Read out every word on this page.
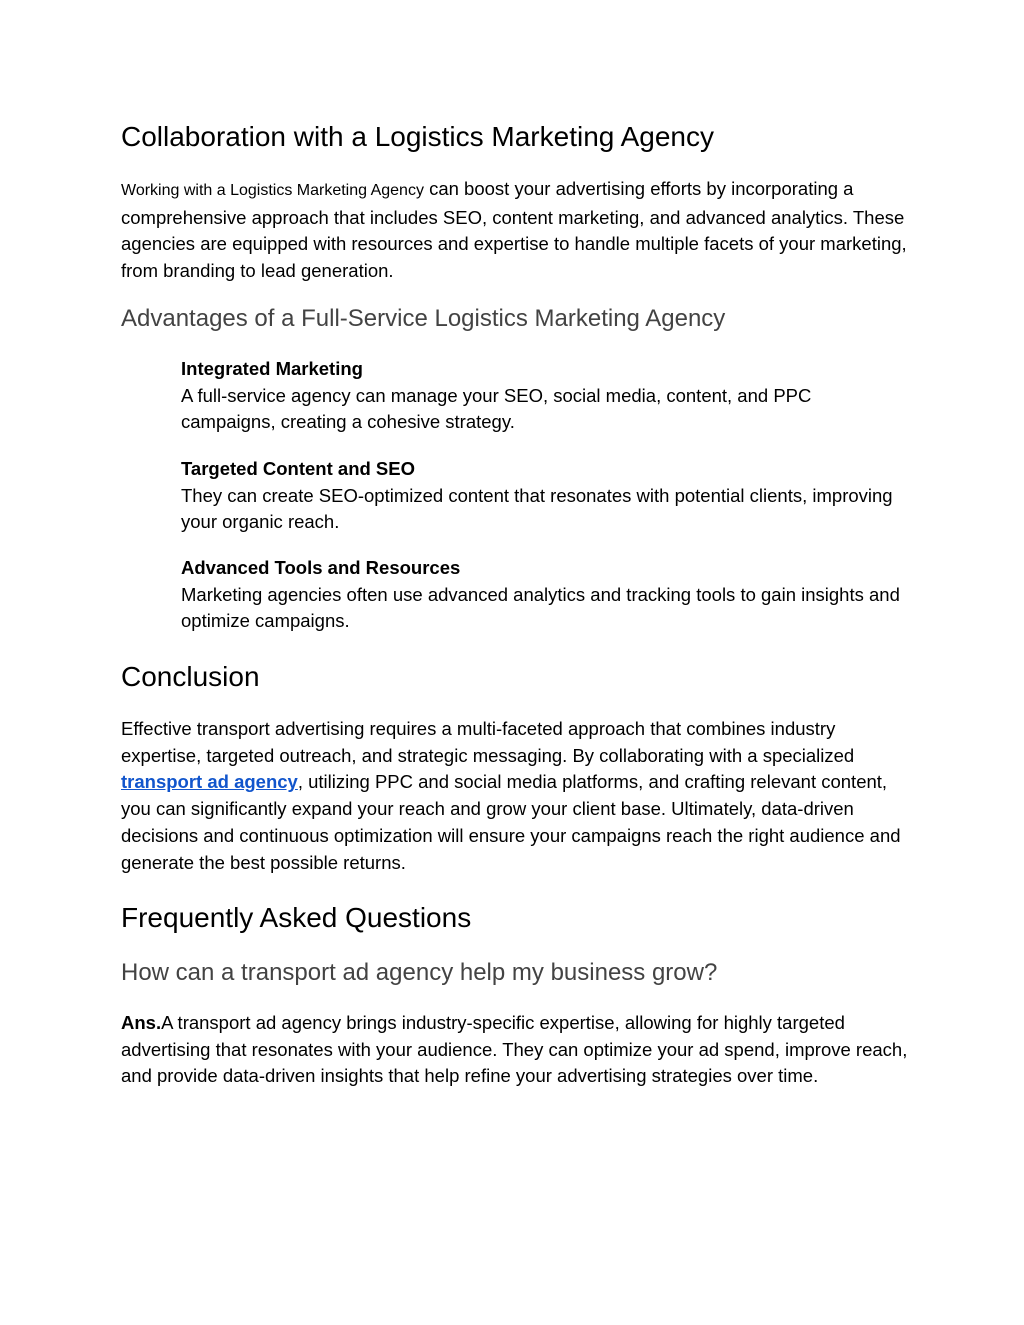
Collaboration with a Logistics Marketing Agency

Working with a Logistics Marketing Agency can boost your advertising efforts by incorporating a comprehensive approach that includes SEO, content marketing, and advanced analytics. These agencies are equipped with resources and expertise to handle multiple facets of your marketing, from branding to lead generation.

Advantages of a Full-Service Logistics Marketing Agency
Integrated Marketing
A full-service agency can manage your SEO, social media, content, and PPC campaigns, creating a cohesive strategy.
Targeted Content and SEO
They can create SEO-optimized content that resonates with potential clients, improving your organic reach.
Advanced Tools and Resources
Marketing agencies often use advanced analytics and tracking tools to gain insights and optimize campaigns.
Conclusion

Effective transport advertising requires a multi-faceted approach that combines industry expertise, targeted outreach, and strategic messaging. By collaborating with a specialized transport ad agency, utilizing PPC and social media platforms, and crafting relevant content, you can significantly expand your reach and grow your client base. Ultimately, data-driven decisions and continuous optimization will ensure your campaigns reach the right audience and generate the best possible returns.

Frequently Asked Questions
How can a transport ad agency help my business grow?

Ans.A transport ad agency brings industry-specific expertise, allowing for highly targeted advertising that resonates with your audience. They can optimize your ad spend, improve reach, and provide data-driven insights that help refine your advertising strategies over time.
